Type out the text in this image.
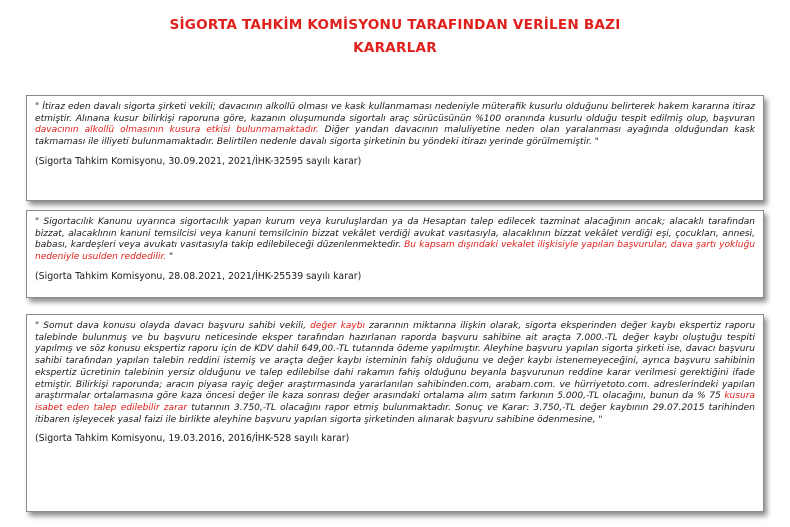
SİGORTA TAHKİM KOMİSYONU TARAFINDAN VERİLEN BAZI
KARARLAR

" İtiraz eden davalı sigorta şirketi vekili; davacının alkollü olması ve kask kullanmaması nedeniyle müterafik kusurlu olduğunu belirterek hakem kararına itiraz etmiştir. Alınana kusur bilirkişi raporuna göre, kazanın oluşumunda sigortalı araç sürücüsünün %100 oranında kusurlu olduğu tespit edilmiş olup, başvuran davacının alkollü olmasının kusura etkisi bulunmamaktadır. Diğer yandan davacının maluliyetine neden olan yaralanması ayağında olduğundan kask takmaması ile illiyeti bulunmamaktadır. Belirtilen nedenle davalı sigorta şirketinin bu yöndeki itirazı yerinde görülmemiştir. "

(Sigorta Tahkim Komisyonu, 30.09.2021, 2021/İHK-32595 sayılı karar)

" Sigortacılık Kanunu uyarınca sigortacılık yapan kurum veya kuruluşlardan ya da Hesaptan talep edilecek tazminat alacağının ancak; alacaklı tarafından bizzat, alacaklının kanuni temsilcisi veya kanuni temsilcinin bizzat vekâlet verdiği avukat vasıtasıyla, alacaklının bizzat vekâlet verdiği eşi, çocukları, annesi, babası, kardeşleri veya avukatı vasıtasıyla takip edilebileceği düzenlenmektedir. Bu kapsam dışındaki vekalet ilişkisiyle yapılan başvurular, dava şartı yokluğu nedeniyle usulden reddedilir. "

(Sigorta Tahkim Komisyonu, 28.08.2021, 2021/İHK-25539 sayılı karar)

" Somut dava konusu olayda davacı başvuru sahibi vekili, değer kaybı zararının miktarına ilişkin olarak, sigorta eksperinden değer kaybı ekspertiz raporu talebinde bulunmuş ve bu başvuru neticesinde eksper tarafından hazırlanan raporda başvuru sahibine ait araçta 7.000.-TL değer kaybı oluştuğu tespiti yapılmış ve söz konusu ekspertiz raporu için de KDV dahil 649,00.-TL tutarında ödeme yapılmıştır. Aleyhine başvuru yapılan sigorta şirketi ise, davacı başvuru sahibi tarafından yapılan talebin reddini istemiş ve araçta değer kaybı isteminin fahiş olduğunu ve değer kaybı istenemeyeceğini, ayrıca başvuru sahibinin ekspertiz ücretinin talebinin yersiz olduğunu ve talep edilebilse dahi rakamın fahiş olduğunu beyanla başvurunun reddine karar verilmesi gerektiğini ifade etmiştir. Bilirkişi raporunda; aracın piyasa rayiç değer araştırmasında yararlanılan sahibinden.com, arabam.com. ve hürriyetoto.com. adreslerindeki yapılan araştırmalar ortalamasına göre kaza öncesi değer ile kaza sonrası değer arasındaki ortalama alım satım farkının 5.000,-TL olacağını, bunun da % 75 kusura isabet eden talep edilebilir zarar tutarının 3.750,-TL olacağını rapor etmiş bulunmaktadır. Sonuç ve Karar: 3.750,-TL değer kaybının 29.07.2015 tarihinden itibaren işleyecek yasal faizi ile birlikte aleyhine başvuru yapılan sigorta şirketinden alınarak başvuru sahibine ödenmesine, "

(Sigorta Tahkim Komisyonu, 19.03.2016, 2016/İHK-528 sayılı karar)
